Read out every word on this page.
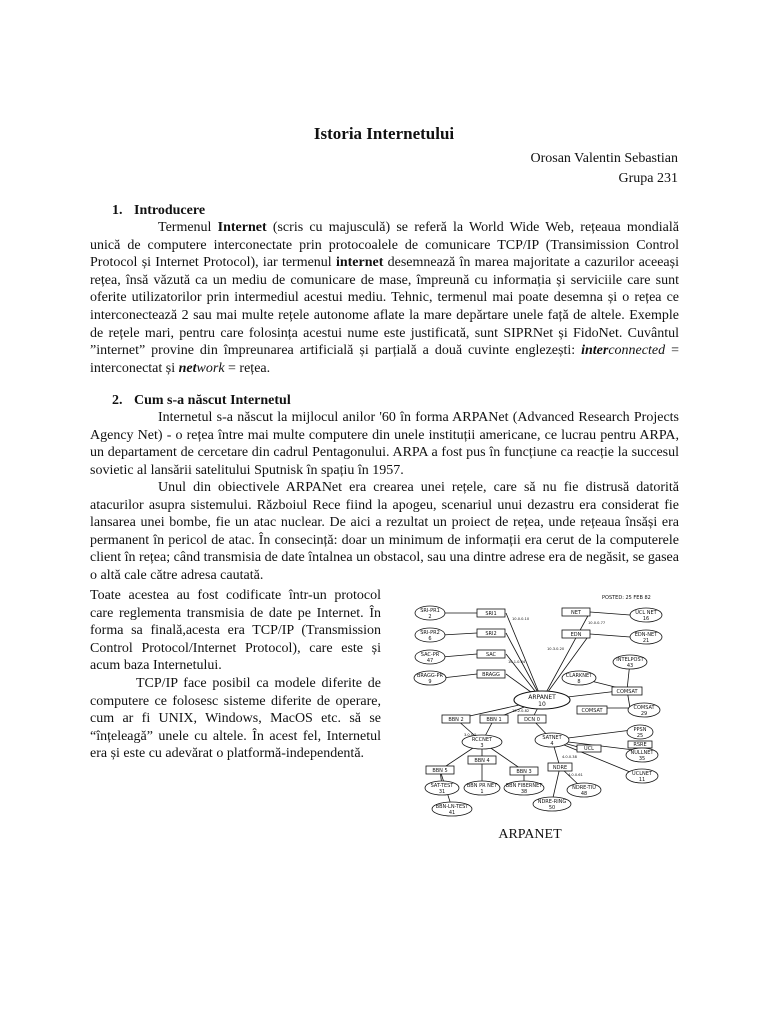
Istoria Internetului
Orosan Valentin Sebastian
Grupa 231
1. Introducere

Termenul Internet (scris cu majusculă) se referă la World Wide Web, rețeaua mondială unică de computere interconectate prin protocoalele de comunicare TCP/IP (Transimission Control Protocol și Internet Protocol), iar termenul internet desemnează în marea majoritate a cazurilor aceeași rețea, însă văzută ca un mediu de comunicare de mase, împreună cu informația și serviciile care sunt oferite utilizatorilor prin intermediul acestui mediu. Tehnic, termenul mai poate desemna și o rețea ce interconectează 2 sau mai multe rețele autonome aflate la mare depărtare unele față de altele. Exemple de rețele mari, pentru care folosința acestui nume este justificată, sunt SIPRNet și FidoNet. Cuvântul ”internet” provine din împreunarea artificială și parțială a două cuvinte englezești: interconnected = interconectat și network = rețea.

2. Cum s-a născut Internetul

Internetul s-a născut la mijlocul anilor '60 în forma ARPANet (Advanced Research Projects Agency Net) - o rețea între mai multe computere din unele instituții americane, ce lucrau pentru ARPA, un departament de cercetare din cadrul Pentagonului. ARPA a fost pus în funcțiune ca reacție la succesul sovietic al lansării satelitului Sputnisk în spațiu în 1957.

Unul din obiectivele ARPANet era crearea unei rețele, care să nu fie distrusă datorită atacurilor asupra sistemului. Războiul Rece fiind la apogeu, scenariul unui dezastru era considerat fie lansarea unei bombe, fie un atac nuclear. De aici a rezultat un proiect de rețea, unde rețeaua însăși era permanent în pericol de atac. În consecință: doar un minimum de informații era cerut de la computerele client în rețea; când transmisia de date întalnea un obstacol, sau una dintre adrese era de negăsit, se gasea o altă cale către adresa cautată.

Toate acestea au fost codificate într-un protocol care reglementa transmisia de date pe Internet. În forma sa finală,acesta era TCP/IP (Transmission Control Protocol/Internet Protocol), care este și acum baza Internetului.
TCP/IP face posibil ca modele diferite de computere ce folosesc sisteme diferite de operare, cum ar fi UNIX, Windows, MacOS etc. să se “înțeleagă” unele cu altele. În acest fel, Internetul era și este cu adevărat o platformă-independentă.

POSTED: 25 FEB 82
SRI-PR1
2
SRI-PR2
6
SAC-PR
47
BRAGG-PR
9
SRI1
SRI2
SAC
BRAGG
NET
EDN
UCL NET
16
EDN-NET
21
INTELPOST
43
CLARKNET
8
COMSAT
COMSAT
29
COMSAT
ARPANET
10
BBN 2	BBN 1	DCN 0
RCCNET
3
SATNET
4
UCL
PPSN
25
RSRE
NULLNET
35
UCLNET
11
BBN 5
BBN 4
BBN 3
NDRE
SAT-TEST
31
BBN PR NET
1
BBN FIBERNET
38
NDRE-TIU
48
BBN-LN-TEST
41
NDRE-RING
50
10.0.0.10
10.3.0.20
10.1.0.64
10.0.0.77
10.2.0.82
4.0.0.38
3.0.0.5
4.0.0.61
ARPANET
